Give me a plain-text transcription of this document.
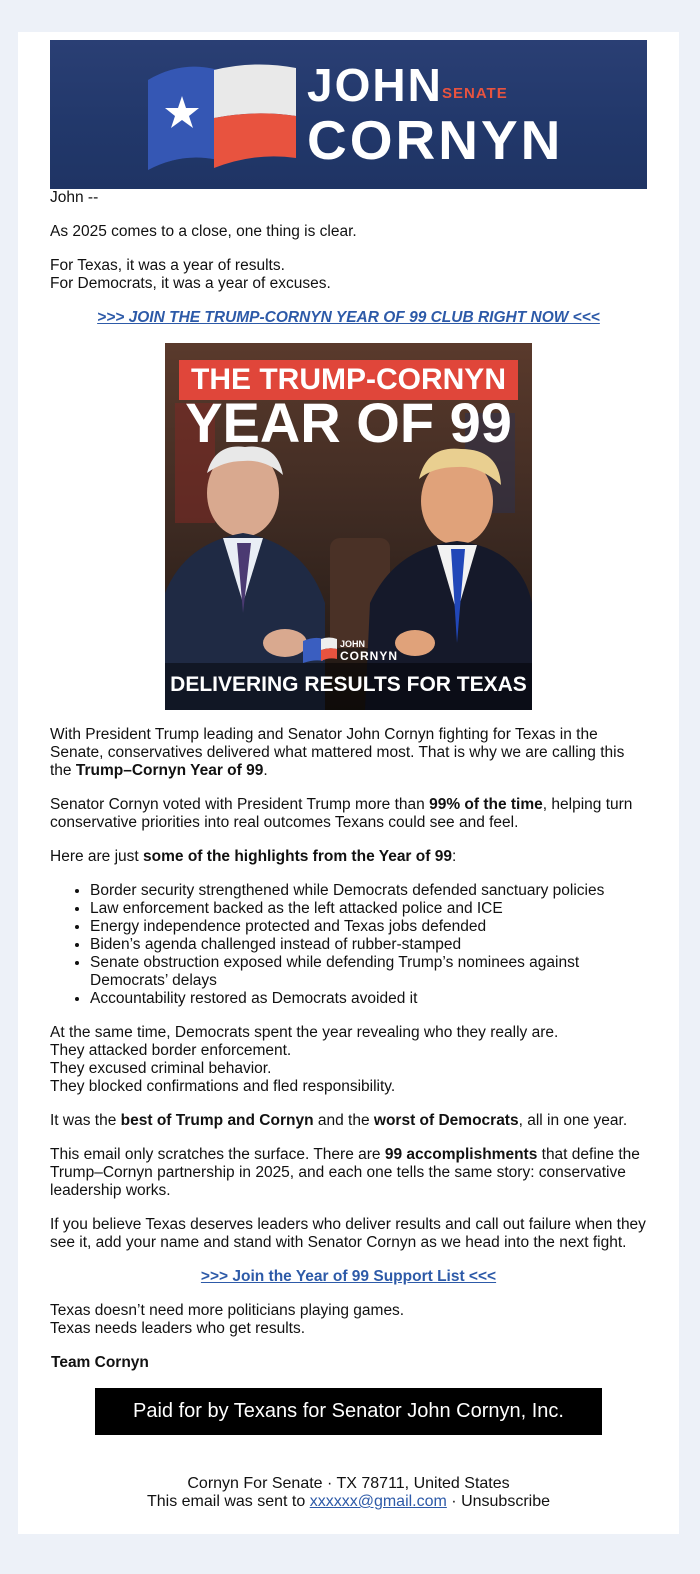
JOHN SENATE
CORNYN

John --

As 2025 comes to a close, one thing is clear.

For Texas, it was a year of results.

For Democrats, it was a year of excuses.

>>> JOIN THE TRUMP-CORNYN YEAR OF 99 CLUB RIGHT NOW <<<

THE TRUMP-CORNYN
YEAR OF 99
JOHN
CORNYN
DELIVERING RESULTS FOR TEXAS

With President Trump leading and Senator John Cornyn fighting for Texas in the Senate, conservatives delivered what mattered most. That is why we are calling this the Trump–Cornyn Year of 99.

Senator Cornyn voted with President Trump more than 99% of the time, helping turn conservative priorities into real outcomes Texans could see and feel.

Here are just some of the highlights from the Year of 99:

• Border security strengthened while Democrats defended sanctuary policies
• Law enforcement backed as the left attacked police and ICE
• Energy independence protected and Texas jobs defended
• Biden’s agenda challenged instead of rubber-stamped
• Senate obstruction exposed while defending Trump’s nominees against Democrats’ delays
• Accountability restored as Democrats avoided it

At the same time, Democrats spent the year revealing who they really are.
They attacked border enforcement.
They excused criminal behavior.
They blocked confirmations and fled responsibility.

It was the best of Trump and Cornyn and the worst of Democrats, all in one year.

This email only scratches the surface. There are 99 accomplishments that define the Trump–Cornyn partnership in 2025, and each one tells the same story: conservative leadership works.

If you believe Texas deserves leaders who deliver results and call out failure when they see it, add your name and stand with Senator Cornyn as we head into the next fight.

>>> Join the Year of 99 Support List <<<

Texas doesn’t need more politicians playing games.

Texas needs leaders who get results.

Team Cornyn

Paid for by Texans for Senator John Cornyn, Inc.
Cornyn For Senate · TX 78711, United States
This email was sent to xxxxxx@gmail.com · Unsubscribe
